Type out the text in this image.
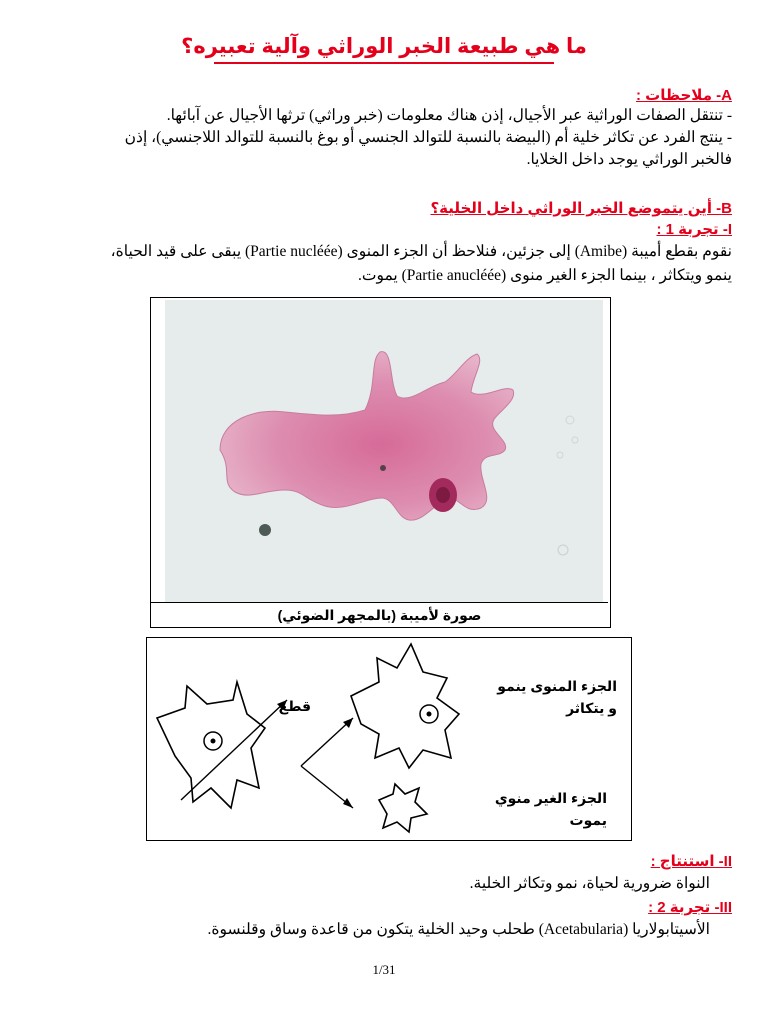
ما هي طبيعة الخبر الوراثي وآلية تعبيره؟
A- ملاحظات :
- تنتقل الصفات الوراثية عبر الأجيال، إذن هناك معلومات (خبر وراثي) ترثها الأجيال عن آبائها.
- ينتج الفرد عن تكاثر خلية أم (البيضة بالنسبة للتوالد الجنسي أو بوغ بالنسبة للتوالد اللاجنسي)، إذن
فالخبر الوراثي يوجد داخل الخلايا.
B- أين يتموضع الخبر الوراثي داخل الخلية؟
I- تجربة 1 :
نقوم بقطع أميبة (Amibe) إلى جزئين، فنلاحظ أن الجزء المنوى (Partie nucléée) يبقى على قيد الحياة،
ينمو ويتكاثر ، بينما الجزء الغير منوى (Partie anucléée) يموت.
صورة لأميبة (بالمجهر الضوئي)
قطع
الجزء المنوى ينمو
و يتكاثر
الجزء الغير منوي
يموت
II- استنتاج :
النواة ضرورية لحياة، نمو وتكاثر الخلية.
III- تجربة 2 :
الأسيتابولاريا (Acetabularia) طحلب وحيد الخلية يتكون من قاعدة وساق وقلنسوة.
1/31
